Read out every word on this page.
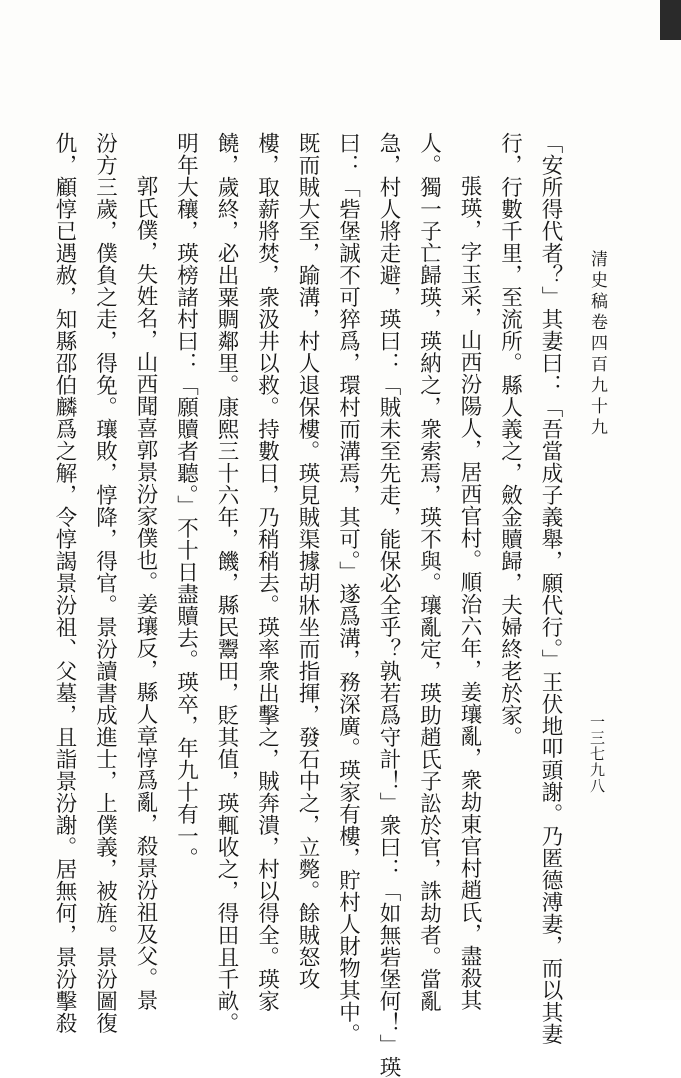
清史稿卷四百九十九
一三七九八
「安所得代者？」其妻曰：「吾當成子義舉，願代行。」王伏地叩頭謝。乃匿德溥妻，而以其妻
行，行數千里，至流所。縣人義之，斂金贖歸，夫婦終老於家。
張瑛，字玉采，山西汾陽人，居西官村。順治六年，姜瓖亂，衆劫東官村趙氏，盡殺其
人。獨一子亡歸瑛，瑛納之，衆索焉，瑛不與。瓖亂定，瑛助趙氏子訟於官，誅劫者。當亂
急，村人將走避，瑛曰：「賊未至先走，能保必全乎？孰若爲守計！」衆曰：「如無砦堡何！」瑛
曰：「砦堡誠不可猝爲，環村而溝焉，其可。」遂爲溝，務深廣。瑛家有樓，貯村人財物其中。
既而賊大至，踰溝，村人退保樓。瑛見賊渠據胡牀坐而指揮，發石中之，立斃。餘賊怒攻
樓，取薪將焚，衆汲井以救。持數日，乃稍稍去。瑛率衆出擊之，賊奔潰，村以得全。瑛家
饒，歲終，必出粟賙鄰里。康熙三十六年，饑，縣民鬻田，貶其值，瑛輒收之，得田且千畝。
明年大穰，瑛榜諸村曰：「願贖者聽。」不十日盡贖去。瑛卒，年九十有一。
郭氏僕，失姓名，山西聞喜郭景汾家僕也。姜瓖反，縣人章惇爲亂，殺景汾祖及父。景
汾方三歲，僕負之走，得免。瓖敗，惇降，得官。景汾讀書成進士，上僕義，被旌。景汾圖復
仇，顧惇已遇赦，知縣邵伯麟爲之解，令惇謁景汾祖、父墓，且詣景汾謝。居無何，景汾擊殺
